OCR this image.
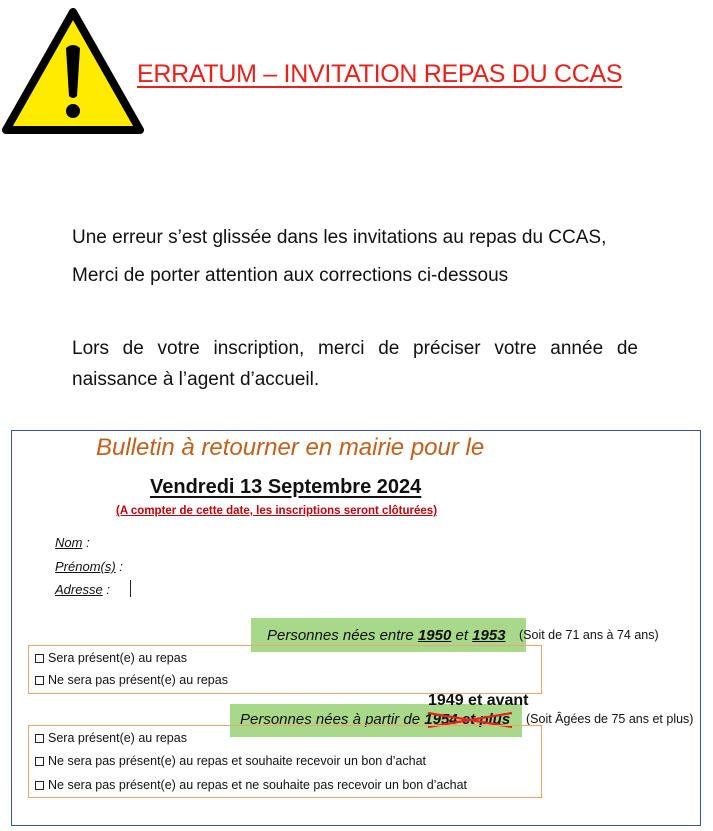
ERRATUM – INVITATION REPAS DU CCAS
Une erreur s’est glissée dans les invitations au repas du CCAS,
Merci de porter attention aux corrections ci-dessous
Lors de votre inscription, merci de préciser votre année de naissance à l’agent d’accueil.
Bulletin à retourner en mairie pour le
Vendredi 13 Septembre 2024
(A compter de cette date, les inscriptions seront clôturées)
Nom :
Prénom(s) :
Adresse :
Personnes nées entre 1950 et 1953 (Soit de 71 ans à 74 ans)
Sera présent(e) au repas
Ne sera pas présent(e) au repas
Personnes nées à partir de 1954 et plus
1949 et avant
(Soit Âgées de 75 ans et plus)
Sera présent(e) au repas
Ne sera pas présent(e) au repas et souhaite recevoir un bon d’achat
Ne sera pas présent(e) au repas et ne souhaite pas recevoir un bon d’achat
